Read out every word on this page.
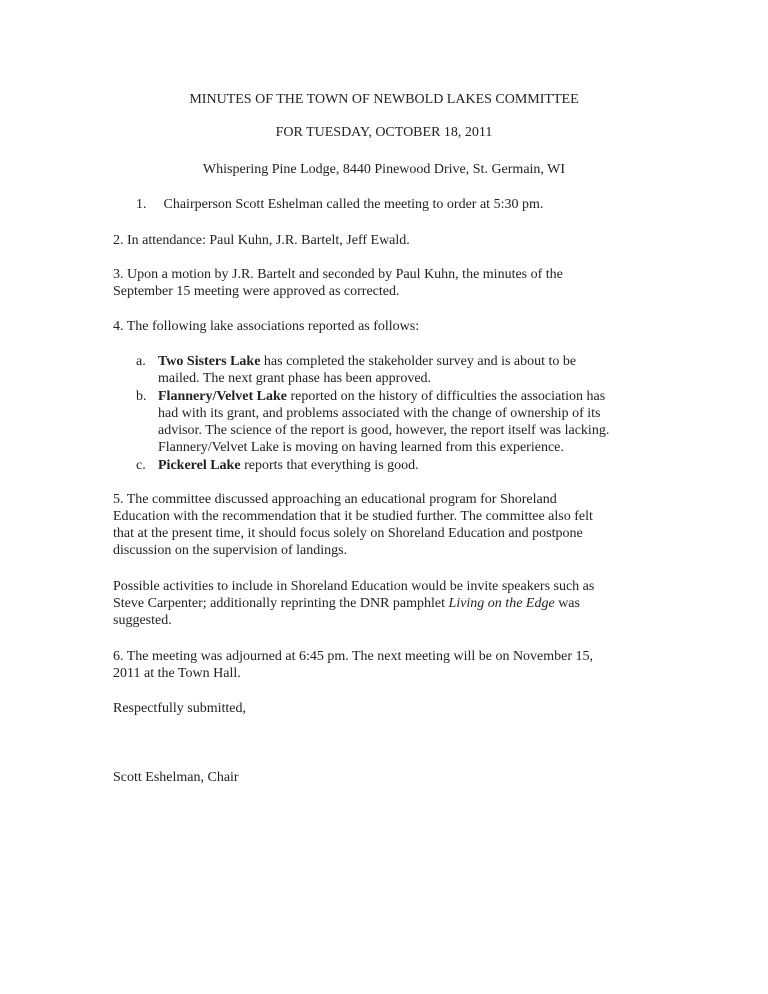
MINUTES OF THE TOWN OF NEWBOLD LAKES COMMITTEE
FOR TUESDAY, OCTOBER 18, 2011
Whispering Pine Lodge, 8440 Pinewood Drive, St. Germain, WI
1. Chairperson Scott Eshelman called the meeting to order at 5:30 pm.
2. In attendance: Paul Kuhn, J.R. Bartelt, Jeff Ewald.
3. Upon a motion by J.R. Bartelt and seconded by Paul Kuhn, the minutes of the
September 15 meeting were approved as corrected.
4. The following lake associations reported as follows:
a. Two Sisters Lake has completed the stakeholder survey and is about to be
mailed. The next grant phase has been approved.
b. Flannery/Velvet Lake reported on the history of difficulties the association has
had with its grant, and problems associated with the change of ownership of its
advisor. The science of the report is good, however, the report itself was lacking.
Flannery/Velvet Lake is moving on having learned from this experience.
c. Pickerel Lake reports that everything is good.
5. The committee discussed approaching an educational program for Shoreland
Education with the recommendation that it be studied further. The committee also felt
that at the present time, it should focus solely on Shoreland Education and postpone
discussion on the supervision of landings.
Possible activities to include in Shoreland Education would be invite speakers such as
Steve Carpenter; additionally reprinting the DNR pamphlet Living on the Edge was
suggested.
6. The meeting was adjourned at 6:45 pm. The next meeting will be on November 15,
2011 at the Town Hall.
Respectfully submitted,
Scott Eshelman, Chair
